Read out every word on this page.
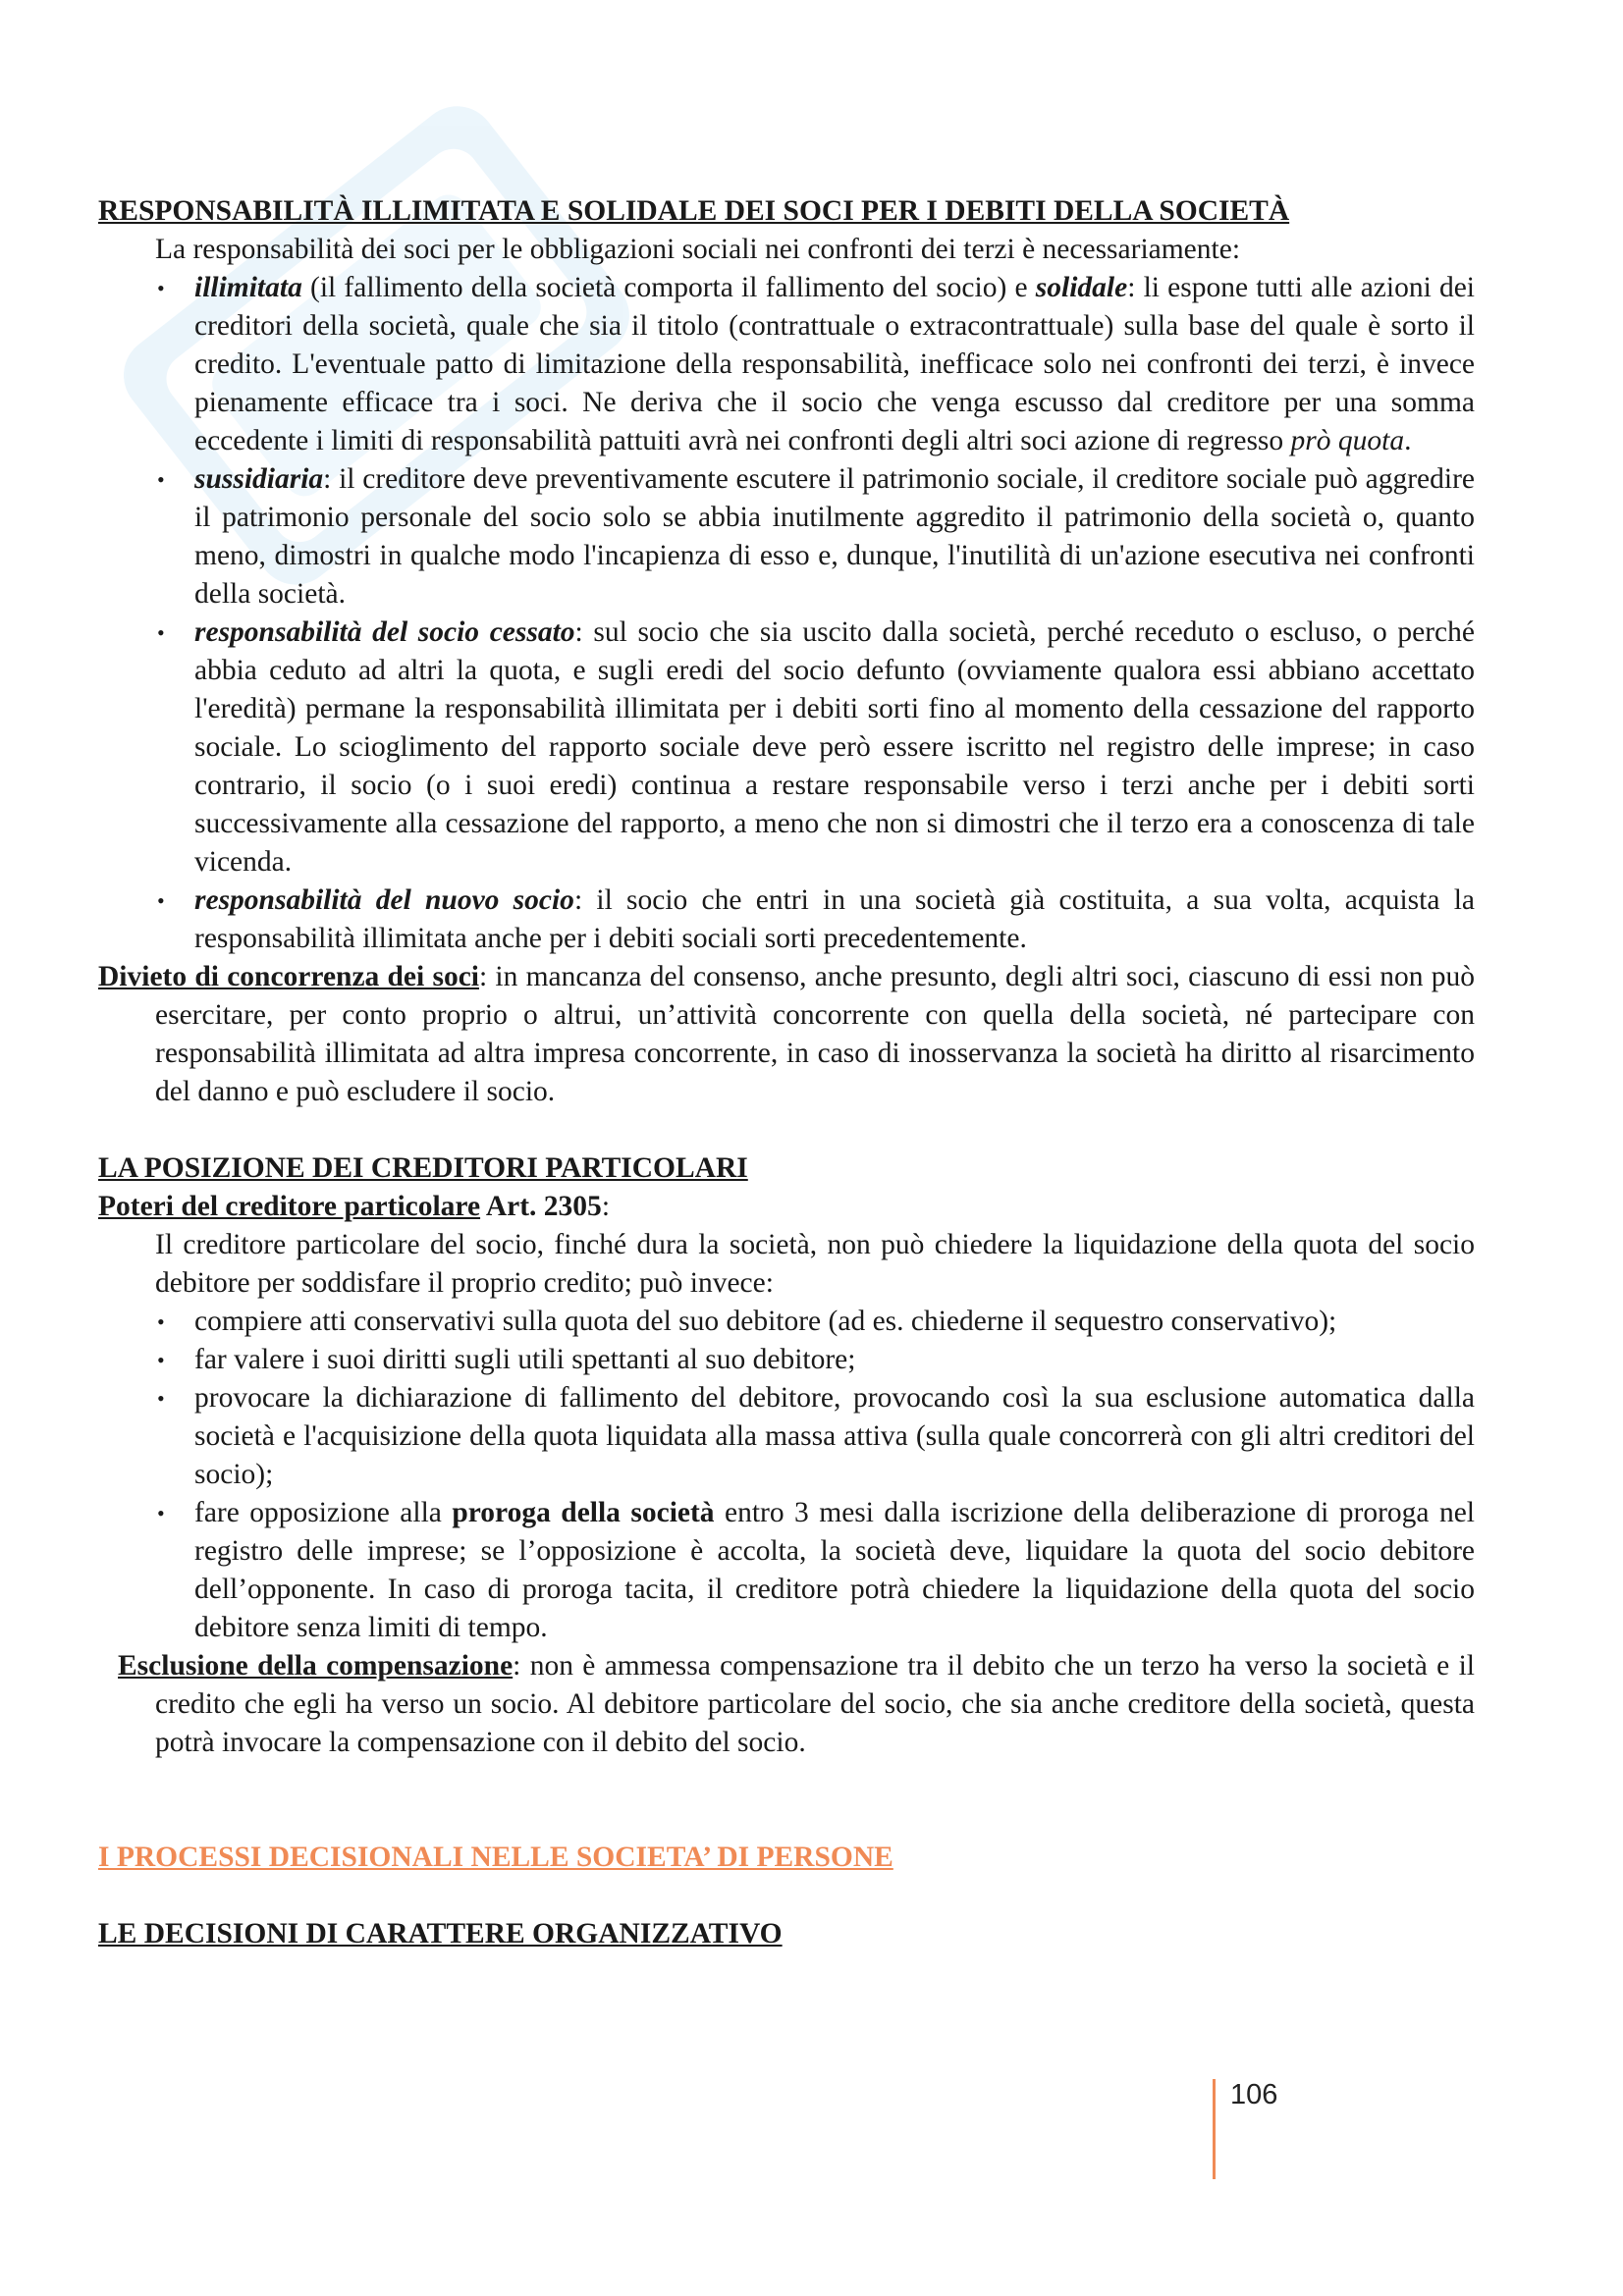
RESPONSABILITÀ ILLIMITATA E SOLIDALE DEI SOCI PER I DEBITI DELLA SOCIETÀ

La responsabilità dei soci per le obbligazioni sociali nei confronti dei terzi è necessariamente:

• illimitata (il fallimento della società comporta il fallimento del socio) e solidale: li espone tutti alle azioni dei creditori della società, quale che sia il titolo (contrattuale o extracontrattuale) sulla base del quale è sorto il credito. L'eventuale patto di limitazione della responsabilità, inefficace solo nei confronti dei terzi, è invece pienamente efficace tra i soci. Ne deriva che il socio che venga escusso dal creditore per una somma eccedente i limiti di responsabilità pattuiti avrà nei confronti degli altri soci azione di regresso prò quota.
• sussidiaria: il creditore deve preventivamente escutere il patrimonio sociale, il creditore sociale può aggredire il patrimonio personale del socio solo se abbia inutilmente aggredito il patrimonio della società o, quanto meno, dimostri in qualche modo l'incapienza di esso e, dunque, l'inutilità di un'azione esecutiva nei confronti della società.
• responsabilità del socio cessato: sul socio che sia uscito dalla società, perché receduto o escluso, o perché abbia ceduto ad altri la quota, e sugli eredi del socio defunto (ovviamente qualora essi abbiano accettato l'eredità) permane la responsabilità illimitata per i debiti sorti fino al momento della cessazione del rapporto sociale. Lo scioglimento del rapporto sociale deve però essere iscritto nel registro delle imprese; in caso contrario, il socio (o i suoi eredi) continua a restare responsabile verso i terzi anche per i debiti sorti successivamente alla cessazione del rapporto, a meno che non si dimostri che il terzo era a conoscenza di tale vicenda.
• responsabilità del nuovo socio: il socio che entri in una società già costituita, a sua volta, acquista la responsabilità illimitata anche per i debiti sociali sorti precedentemente.

Divieto di concorrenza dei soci: in mancanza del consenso, anche presunto, degli altri soci, ciascuno di essi non può esercitare, per conto proprio o altrui, un’attività concorrente con quella della società, né partecipare con responsabilità illimitata ad altra impresa concorrente, in caso di inosservanza la società ha diritto al risarcimento del danno e può escludere il socio.

LA POSIZIONE DEI CREDITORI PARTICOLARI

Poteri del creditore particolare Art. 2305:

Il creditore particolare del socio, finché dura la società, non può chiedere la liquidazione della quota del socio debitore per soddisfare il proprio credito; può invece:

• compiere atti conservativi sulla quota del suo debitore (ad es. chiederne il sequestro conservativo);
• far valere i suoi diritti sugli utili spettanti al suo debitore;
• provocare la dichiarazione di fallimento del debitore, provocando così la sua esclusione automatica dalla società e l'acquisizione della quota liquidata alla massa attiva (sulla quale concorrerà con gli altri creditori del socio);
• fare opposizione alla proroga della società entro 3 mesi dalla iscrizione della deliberazione di proroga nel registro delle imprese; se l’opposizione è accolta, la società deve, liquidare la quota del socio debitore dell’opponente. In caso di proroga tacita, il creditore potrà chiedere la liquidazione della quota del socio debitore senza limiti di tempo.

Esclusione della compensazione: non è ammessa compensazione tra il debito che un terzo ha verso la società e il credito che egli ha verso un socio. Al debitore particolare del socio, che sia anche creditore della società, questa potrà invocare la compensazione con il debito del socio.

I PROCESSI DECISIONALI NELLE SOCIETA’ DI PERSONE
LE DECISIONI DI CARATTERE ORGANIZZATIVO
106
